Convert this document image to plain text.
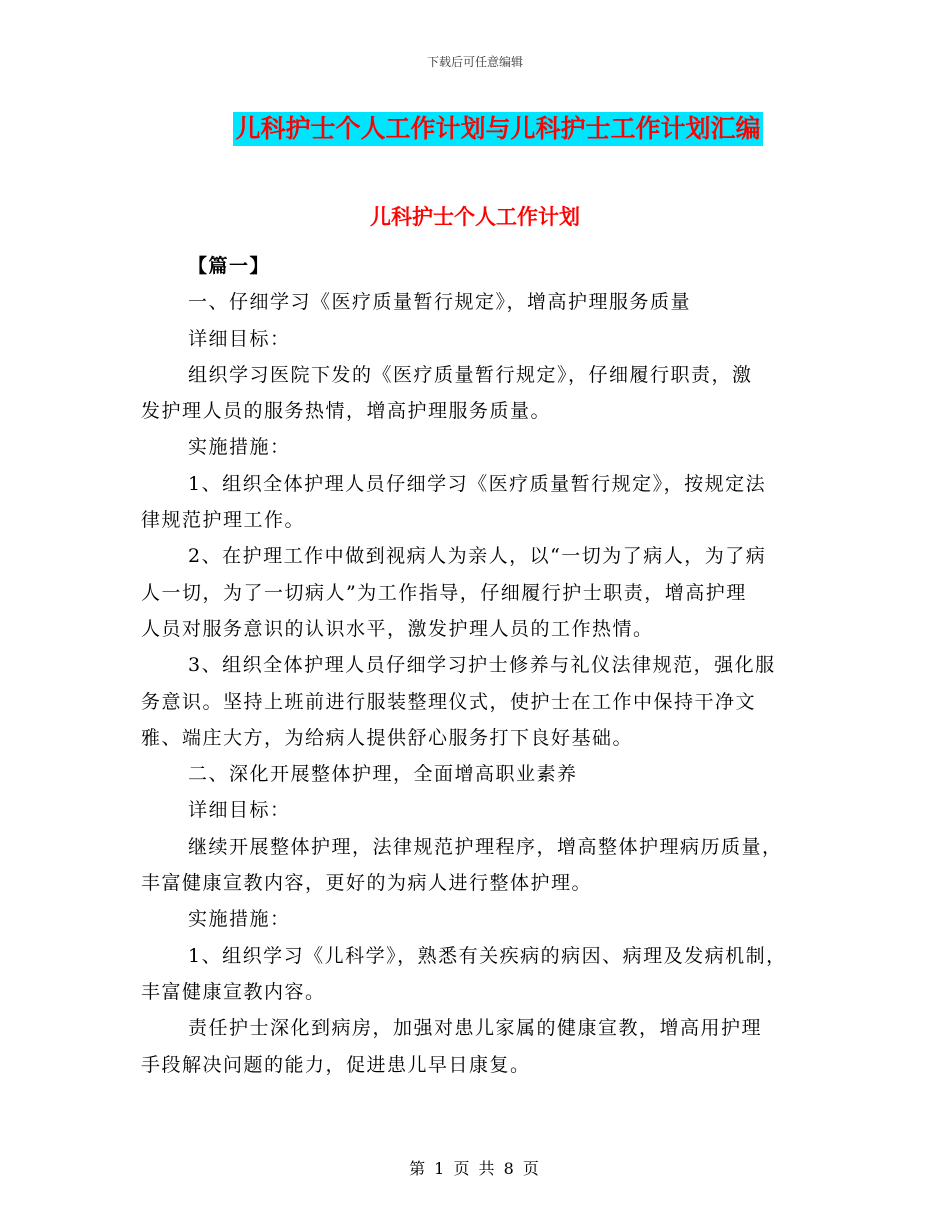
下载后可任意编辑
儿科护士个人工作计划与儿科护士工作计划汇编
儿科护士个人工作计划
【篇一】
一、仔细学习《医疗质量暂行规定》，增高护理服务质量
详细目标：
组织学习医院下发的《医疗质量暂行规定》，仔细履行职责，激
发护理人员的服务热情，增高护理服务质量。
实施措施：
1、组织全体护理人员仔细学习《医疗质量暂行规定》，按规定法
律规范护理工作。
2、在护理工作中做到视病人为亲人，以“一切为了病人，为了病
人一切，为了一切病人”为工作指导，仔细履行护士职责，增高护理
人员对服务意识的认识水平，激发护理人员的工作热情。
3、组织全体护理人员仔细学习护士修养与礼仪法律规范，强化服
务意识。坚持上班前进行服装整理仪式，使护士在工作中保持干净文
雅、端庄大方，为给病人提供舒心服务打下良好基础。
二、深化开展整体护理，全面增高职业素养
详细目标：
继续开展整体护理，法律规范护理程序，增高整体护理病历质量，
丰富健康宣教内容，更好的为病人进行整体护理。
实施措施：
1、组织学习《儿科学》，熟悉有关疾病的病因、病理及发病机制，
丰富健康宣教内容。
责任护士深化到病房，加强对患儿家属的健康宣教，增高用护理
手段解决问题的能力，促进患儿早日康复。
第 1 页 共 8 页
